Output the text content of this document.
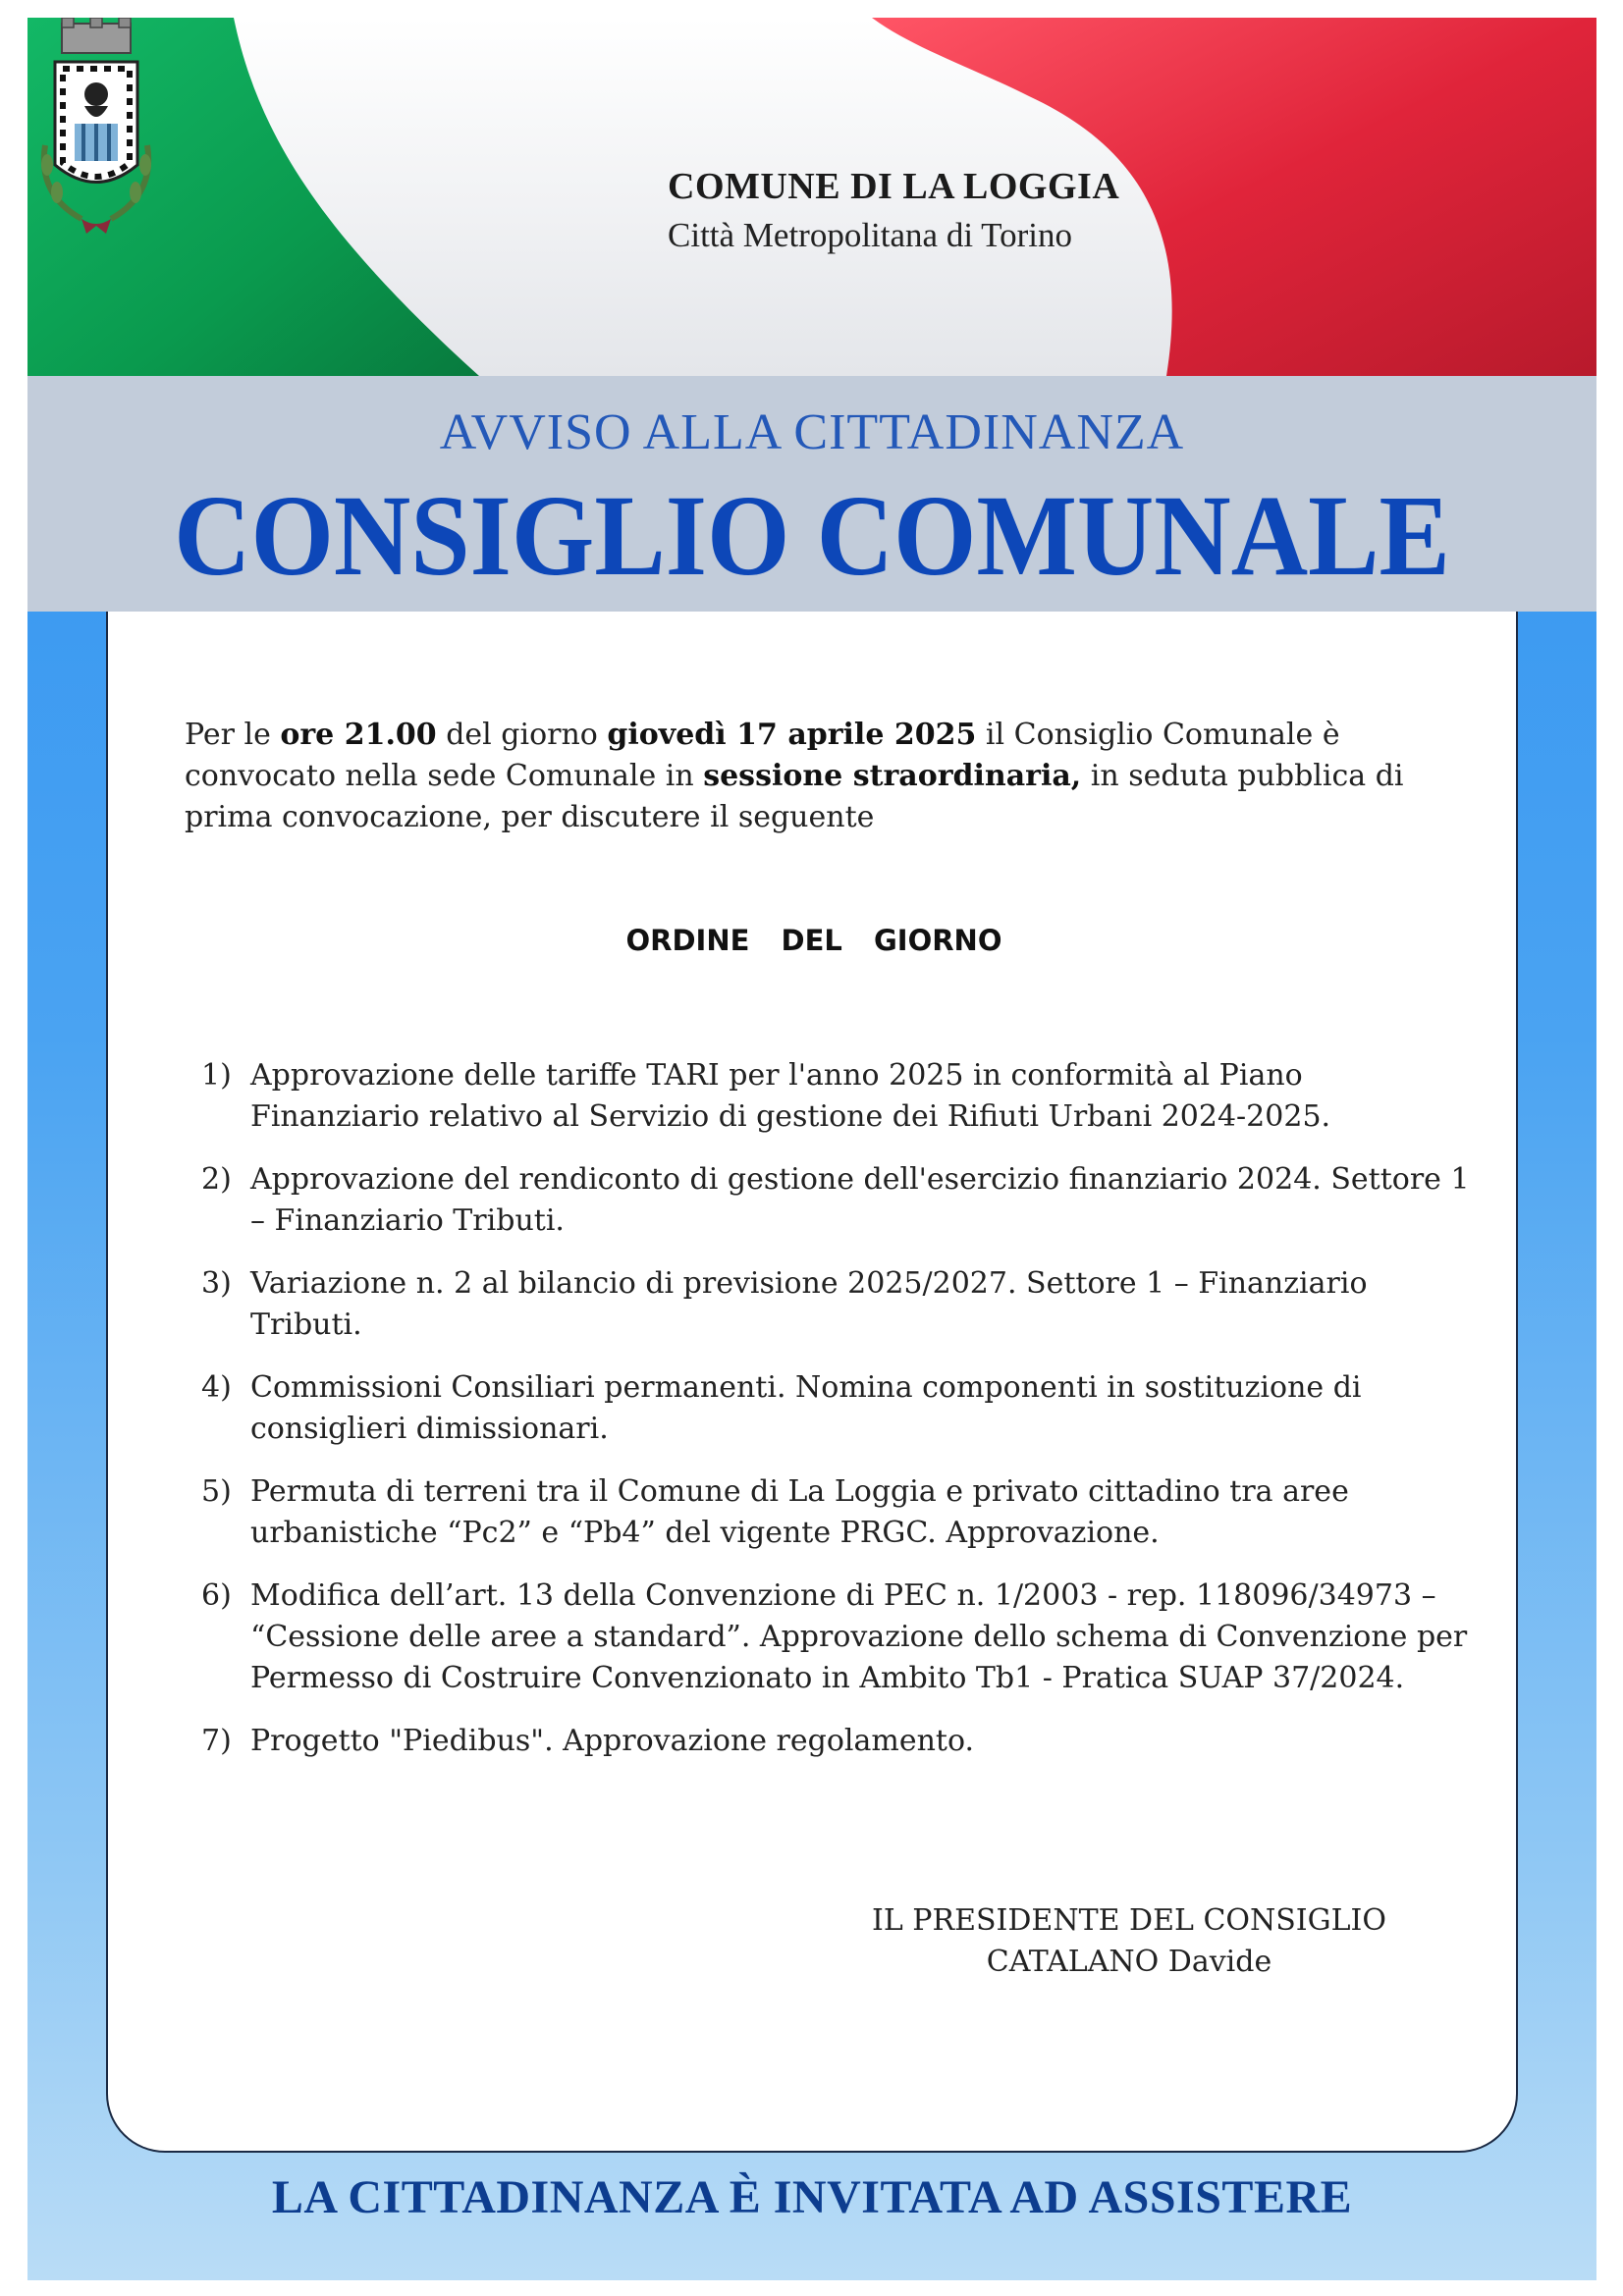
COMUNE DI LA LOGGIA

Città Metropolitana di Torino

AVVISO ALLA CITTADINANZA

CONSIGLIO COMUNALE

Per le ore 21.00 del giorno giovedì 17 aprile 2025 il Consiglio Comunale è convocato nella sede Comunale in sessione straordinaria, in seduta pubblica di prima convocazione, per discutere il seguente

ORDINE DEL GIORNO

1) Approvazione delle tariffe TARI per l'anno 2025 in conformità al Piano Finanziario relativo al Servizio di gestione dei Rifiuti Urbani 2024-2025.
2) Approvazione del rendiconto di gestione dell'esercizio finanziario 2024. Settore 1 – Finanziario Tributi.
3) Variazione n. 2 al bilancio di previsione 2025/2027. Settore 1 – Finanziario Tributi.
4) Commissioni Consiliari permanenti. Nomina componenti in sostituzione di consiglieri dimissionari.
5) Permuta di terreni tra il Comune di La Loggia e privato cittadino tra aree urbanistiche “Pc2” e “Pb4” del vigente PRGC. Approvazione.
6) Modifica dell’art. 13 della Convenzione di PEC n. 1/2003 - rep. 118096/34973 – “Cessione delle aree a standard”. Approvazione dello schema di Convenzione per Permesso di Costruire Convenzionato in Ambito Tb1 - Pratica SUAP 37/2024.
7) Progetto "Piedibus". Approvazione regolamento.
IL PRESIDENTE DEL CONSIGLIO
CATALANO Davide

LA CITTADINANZA È INVITATA AD ASSISTERE
